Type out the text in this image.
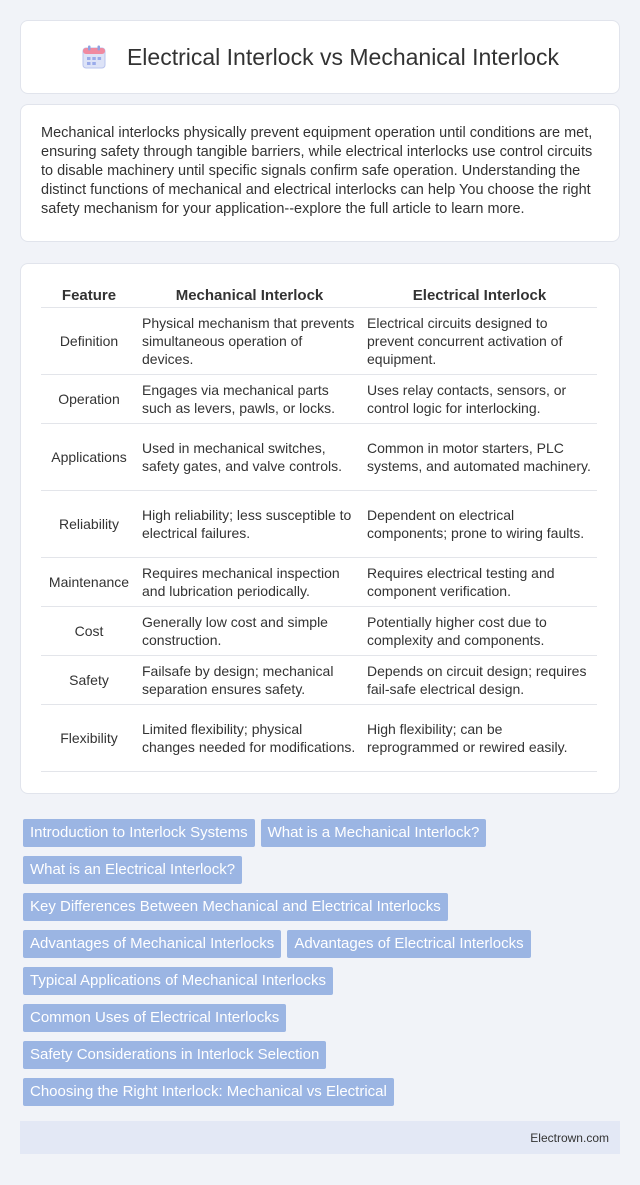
Electrical Interlock vs Mechanical Interlock

Mechanical interlocks physically prevent equipment operation until conditions are met, ensuring safety through tangible barriers, while electrical interlocks use control circuits to disable machinery until specific signals confirm safe operation. Understanding the distinct functions of mechanical and electrical interlocks can help You choose the right safety mechanism for your application--explore the full article to learn more.

Feature	Mechanical Interlock	Electrical Interlock
Definition	Physical mechanism that prevents simultaneous operation of devices.	Electrical circuits designed to prevent concurrent activation of equipment.
Operation	Engages via mechanical parts such as levers, pawls, or locks.	Uses relay contacts, sensors, or control logic for interlocking.
Applications	Used in mechanical switches, safety gates, and valve controls.	Common in motor starters, PLC systems, and automated machinery.
Reliability	High reliability; less susceptible to electrical failures.	Dependent on electrical components; prone to wiring faults.
Maintenance	Requires mechanical inspection and lubrication periodically.	Requires electrical testing and component verification.
Cost	Generally low cost and simple construction.	Potentially higher cost due to complexity and components.
Safety	Failsafe by design; mechanical separation ensures safety.	Depends on circuit design; requires fail-safe electrical design.
Flexibility	Limited flexibility; physical changes needed for modifications.	High flexibility; can be reprogrammed or rewired easily.
Introduction to Interlock Systems What is a Mechanical Interlock?
What is an Electrical Interlock?
Key Differences Between Mechanical and Electrical Interlocks
Advantages of Mechanical Interlocks Advantages of Electrical Interlocks
Typical Applications of Mechanical Interlocks
Common Uses of Electrical Interlocks
Safety Considerations in Interlock Selection
Choosing the Right Interlock: Mechanical vs Electrical
Electrown.com
